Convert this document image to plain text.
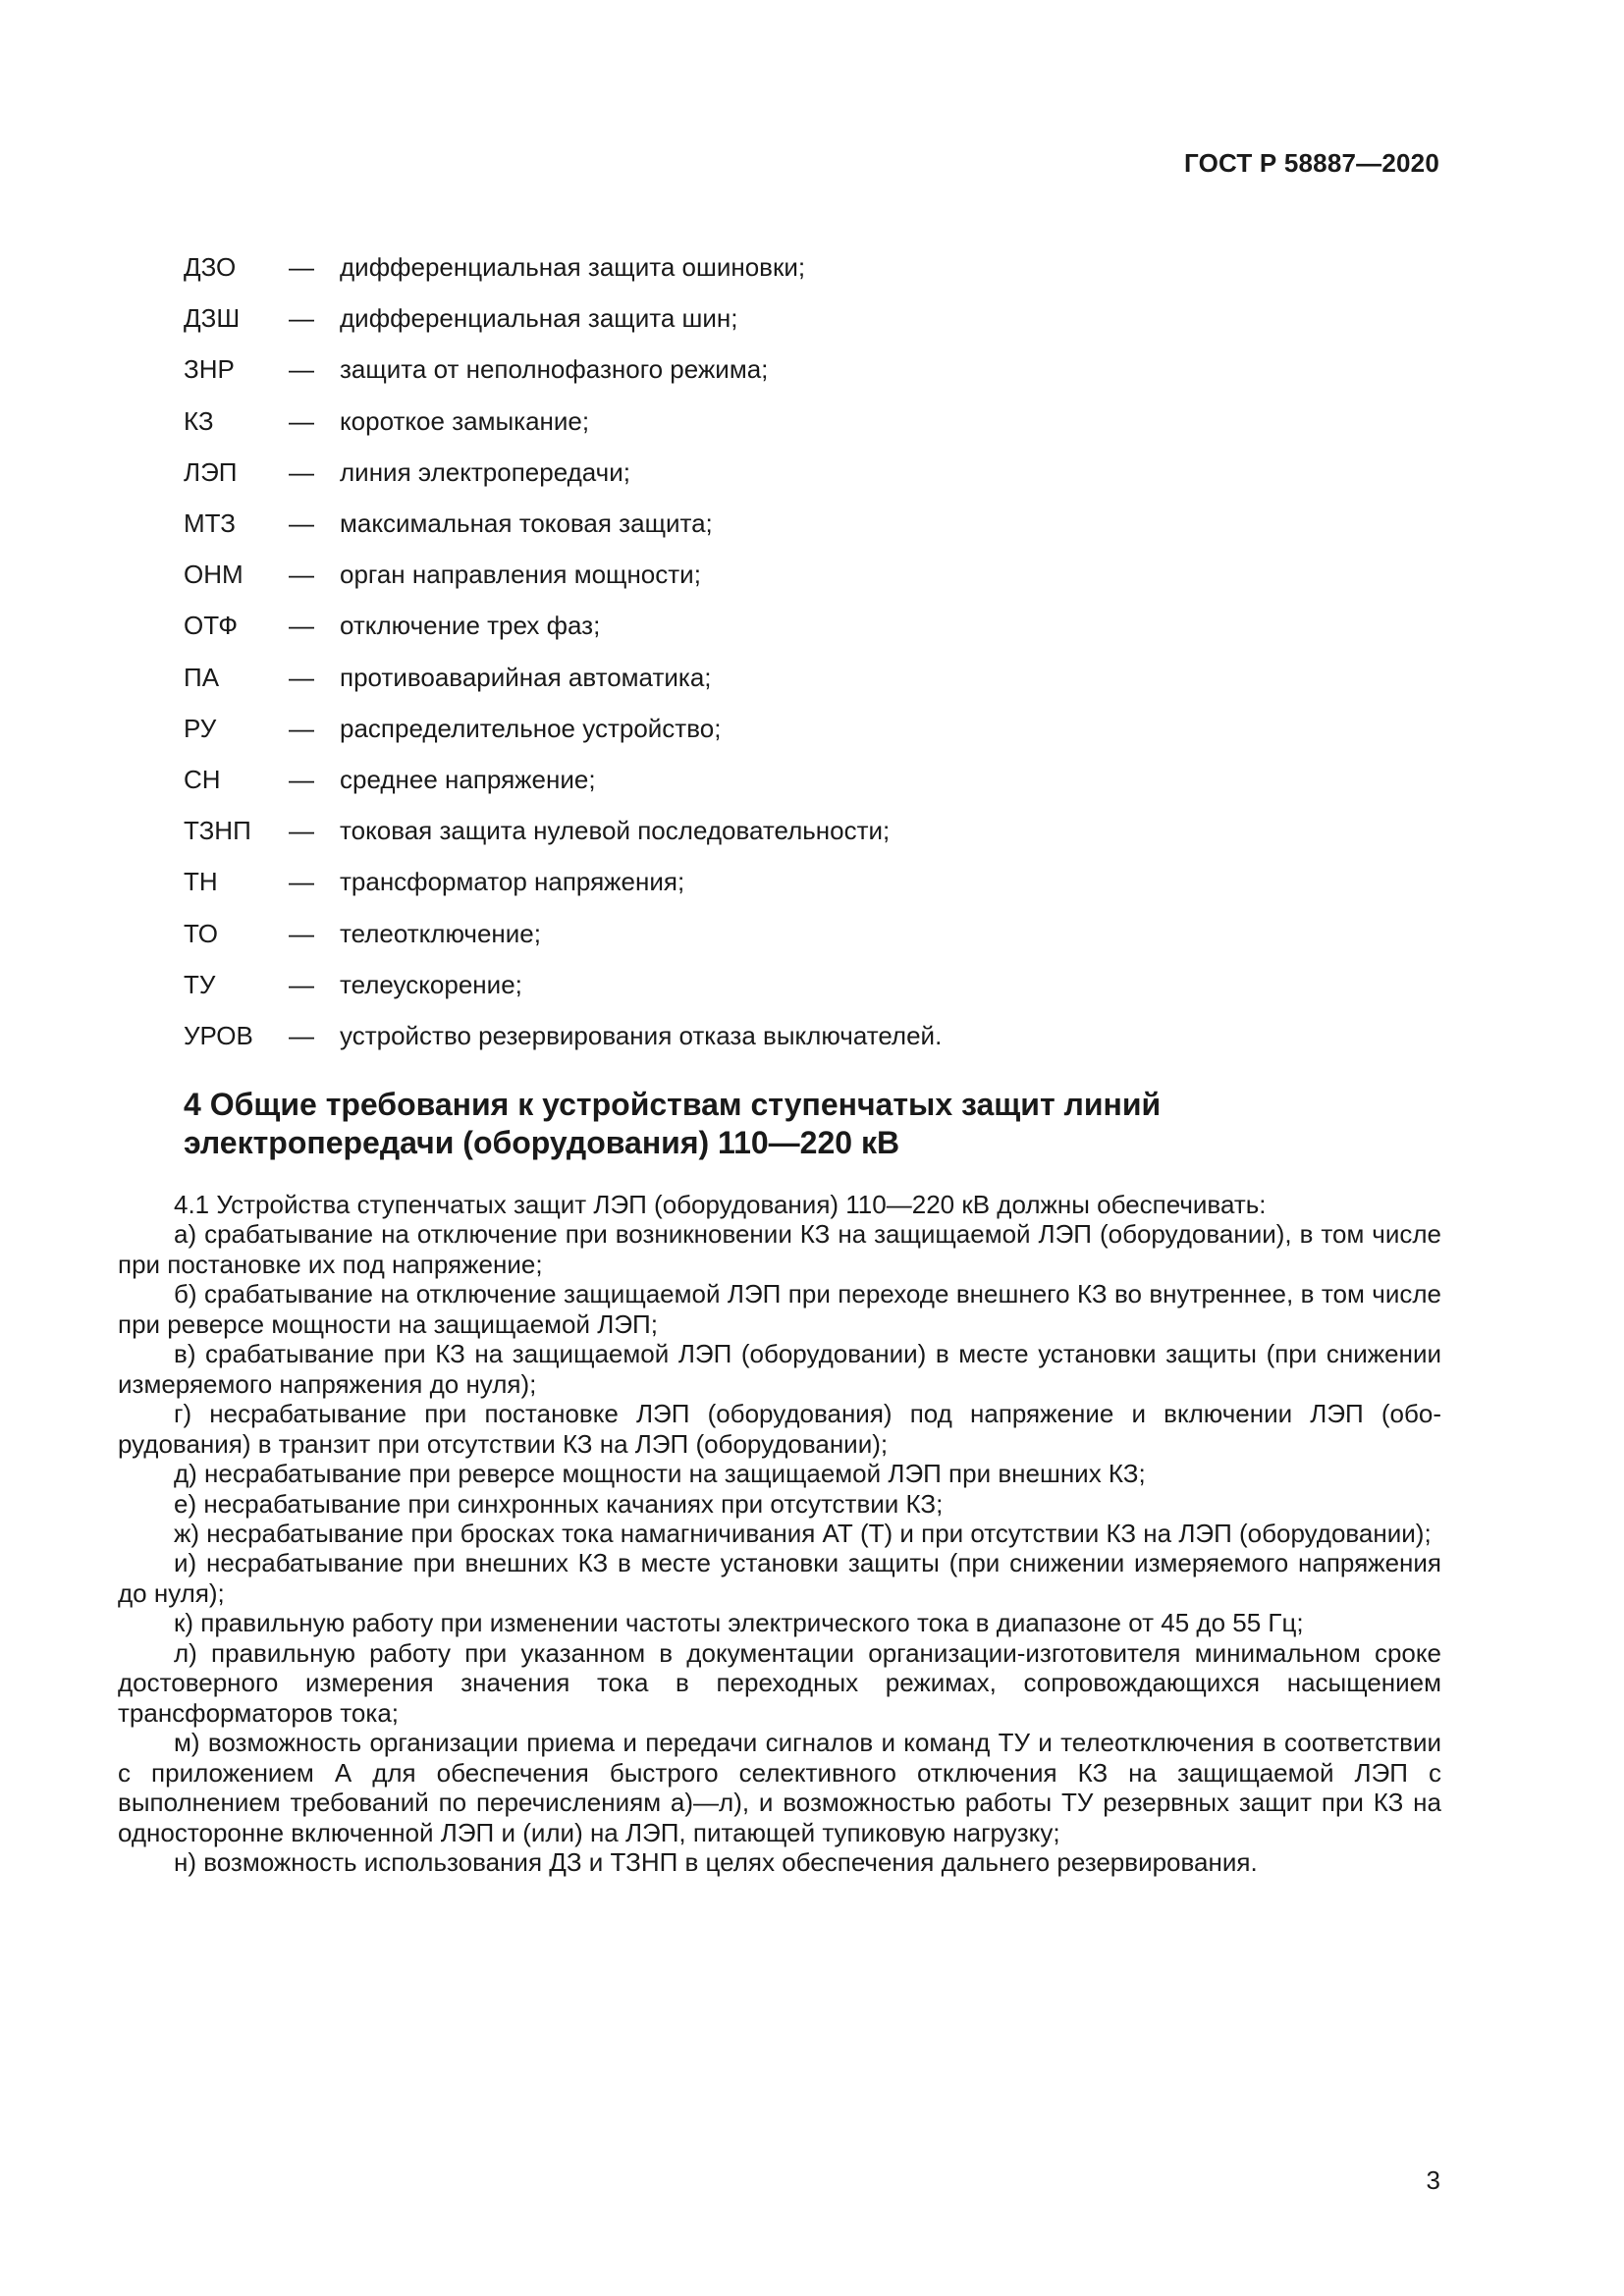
ГОСТ Р 58887—2020
ДЗО	—	дифференциальная защита ошиновки;
ДЗШ	—	дифференциальная защита шин;
ЗНР	—	защита от неполнофазного режима;
КЗ	—	короткое замыкание;
ЛЭП	—	линия электропередачи;
МТЗ	—	максимальная токовая защита;
ОНМ	—	орган направления мощности;
ОТФ	—	отключение трех фаз;
ПА	—	противоаварийная автоматика;
РУ	—	распределительное устройство;
СН	—	среднее напряжение;
ТЗНП	—	токовая защита нулевой последовательности;
ТН	—	трансформатор напряжения;
ТО	—	телеотключение;
ТУ	—	телеускорение;
УРОВ	—	устройство резервирования отказа выключателей.
4 Общие требования к устройствам ступенчатых защит линий
электропередачи (оборудования) 110—220 кВ

4.1 Устройства ступенчатых защит ЛЭП (оборудования) 110—220 кВ должны обеспечивать:

а) срабатывание на отключение при возникновении КЗ на защищаемой ЛЭП (оборудовании), в том числе при постановке их под напряжение;

б) срабатывание на отключение защищаемой ЛЭП при переходе внешнего КЗ во внутреннее, в том числе при реверсе мощности на защищаемой ЛЭП;

в) срабатывание при КЗ на защищаемой ЛЭП (оборудовании) в месте установки защиты (при снижении измеряемого напряжения до нуля);

г) несрабатывание при постановке ЛЭП (оборудования) под напряжение и включении ЛЭП (оборудования) в транзит при отсутствии КЗ на ЛЭП (оборудовании);

д) несрабатывание при реверсе мощности на защищаемой ЛЭП при внешних КЗ;

е) несрабатывание при синхронных качаниях при отсутствии КЗ;

ж) несрабатывание при бросках тока намагничивания АТ (Т) и при отсутствии КЗ на ЛЭП (оборудовании);

и) несрабатывание при внешних КЗ в месте установки защиты (при снижении измеряемого напряжения до нуля);

к) правильную работу при изменении частоты электрического тока в диапазоне от 45 до 55 Гц;

л) правильную работу при указанном в документации организации-изготовителя минимальном сроке достоверного измерения значения тока в переходных режимах, сопровождающихся насыщением трансформаторов тока;

м) возможность организации приема и передачи сигналов и команд ТУ и телеотключения в соответствии с приложением А для обеспечения быстрого селективного отключения КЗ на защищаемой ЛЭП с выполнением требований по перечислениям а)—л), и возможностью работы ТУ резервных защит при КЗ на односторонне включенной ЛЭП и (или) на ЛЭП, питающей тупиковую нагрузку;

н) возможность использования ДЗ и ТЗНП в целях обеспечения дальнего резервирования.

3
